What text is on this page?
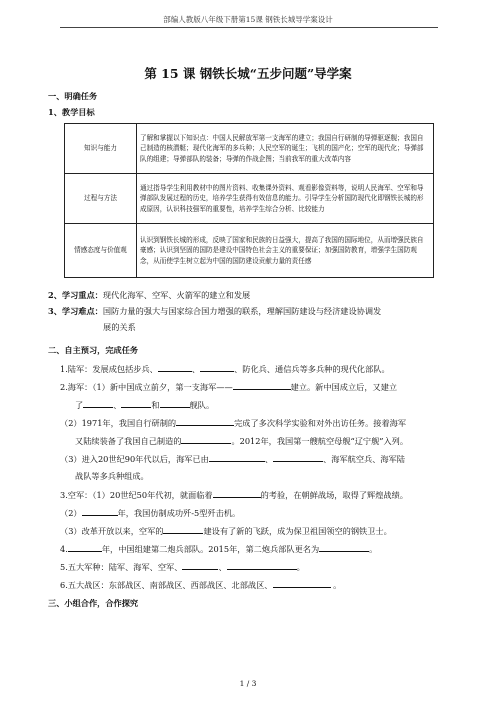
部编人教版八年级下册第15课 钢铁长城导学案设计
第 15 课 钢铁长城“五步问题”导学案
一、明确任务
1、教学目标
知识与能力	了解和掌握以下知识点：中国人民解放军第一支海军的建立；我国自行研制的导弹驱逐舰；我国自己制造的核潜艇；现代化海军的多兵种；人民空军的诞生；飞机的国产化；空军的现代化；导弹部队的组建；导弹部队的装备；导弹的作战企图；当前我军的重大改革内容
过程与方法	通过指导学生利用教材中的图片资料、收集课外资料、观看影像资料等，说明人民海军、空军和导弹部队发展过程的历史，培养学生获得有效信息的能力。引导学生分析国防现代化即钢铁长城的形成原因，认识科技强军的重要性，培养学生综合分析、比较能力
情感态度与价值观	认识到钢铁长城的形成，反映了国家和民族的日益强大，提高了我国的国际地位，从而增强民族自豪感；认识到坚固的国防是建设中国特色社会主义的重要保证；加强国防教育，增强学生国防观念，从而使学生树立起为中国的国防建设贡献力量的责任感
2、学习重点：现代化海军、空军、火箭军的建立和发展
3、学习难点：国防力量的强大与国家综合国力增强的联系，理解国防建设与经济建设协调发
展的关系
二、自主预习，完成任务
1.陆军：发展成包括步兵、	、	、防化兵、通信兵等多兵种的现代化部队。
2.海军：（1）新中国成立前夕，第一支海军——	建立。新中国成立后，又建立
了	、	和	舰队。
（2）1971年，我国自行研制的	完成了多次科学实验和对外出访任务。接着海军
又陆续装备了我国自己制造的	。2012年，我国第一艘航空母舰“辽宁舰”入列。
（3）进入20世纪90年代以后，海军已由	、	、海军航空兵、海军陆
战队等多兵种组成。
3.空军：（1）20世纪50年代初，就面临着	的考验，在朝鲜战场，取得了辉煌战绩。
（2）	年，我国仿制成功歼-5型歼击机。
（3）改革开放以来，空军的	建设有了新的飞跃，成为保卫祖国领空的钢铁卫士。
4.	年，中国组建第二炮兵部队。2015年，第二炮兵部队更名为	。
5.五大军种：陆军、海军、空军、	、	。
6.五大战区：东部战区、南部战区、西部战区、北部战区、	。
三、小组合作，合作探究
1 / 3
